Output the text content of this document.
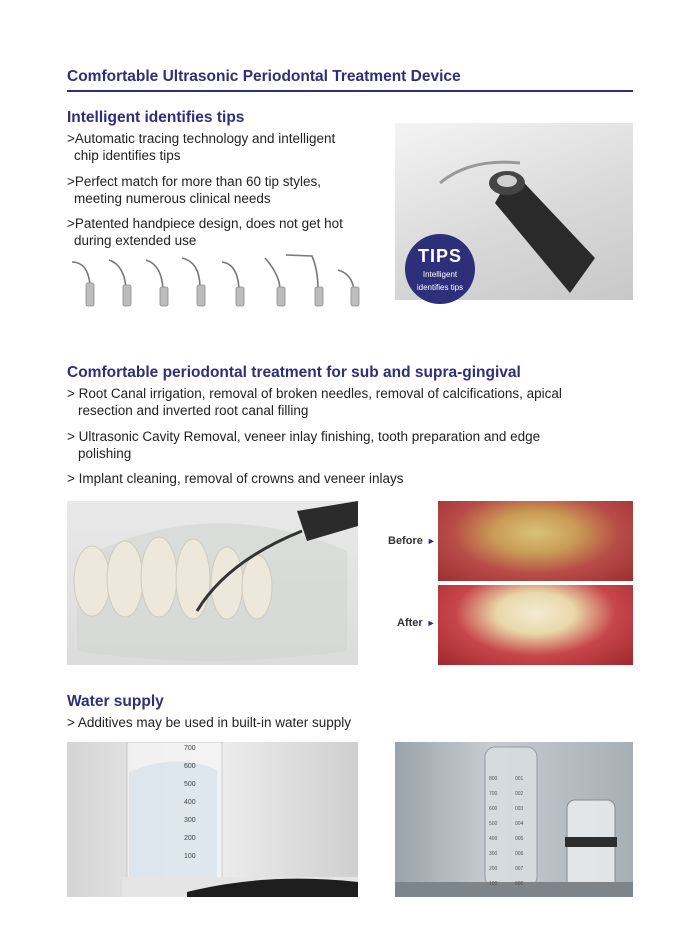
Comfortable Ultrasonic Periodontal Treatment Device
Intelligent identifies tips
>Automatic tracing technology and intelligent
chip identifies tips
>Perfect match for more than 60 tip styles,
meeting numerous clinical needs
>Patented handpiece design, does not get hot
during extended use
TIPS
Intelligent
identifies tips
Comfortable periodontal treatment for sub and supra-gingival
> Root Canal irrigation, removal of broken needles, removal of calcifications, apical
resection and inverted root canal filling
> Ultrasonic Cavity Removal, veneer inlay finishing, tooth preparation and edge
polishing
> Implant cleaning, removal of crowns and veneer inlays
Before ►
After ►
Water supply
> Additives may be used in built-in water supply
700
600
500
400
300
200
100
800
700
600
500
400
300
200
100
001
002
003
004
005
006
007
008
